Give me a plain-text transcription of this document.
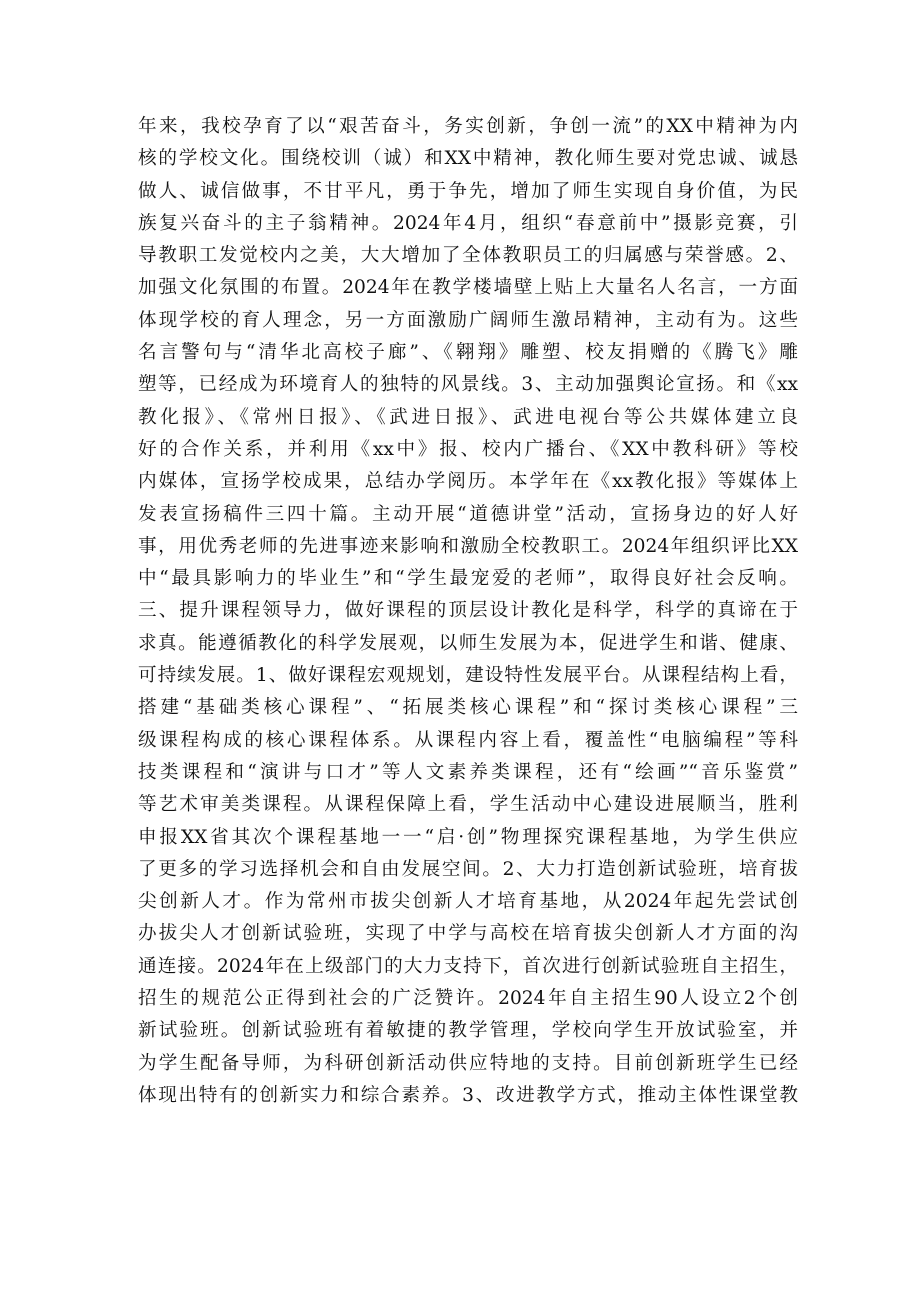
年来，我校孕育了以“艰苦奋斗，务实创新，争创一流”的XX中精神为内
核的学校文化。围绕校训（诚）和XX中精神，教化师生要对党忠诚、诚恳
做人、诚信做事，不甘平凡，勇于争先，增加了师生实现自身价值，为民
族复兴奋斗的主子翁精神。2024年4月，组织“春意前中”摄影竞赛，引
导教职工发觉校内之美，大大增加了全体教职员工的归属感与荣誉感。2、
加强文化氛围的布置。2024年在教学楼墙壁上贴上大量名人名言，一方面
体现学校的育人理念，另一方面激励广阔师生激昂精神，主动有为。这些
名言警句与“清华北高校子廊”、《翱翔》雕塑、校友捐赠的《腾飞》雕
塑等，已经成为环境育人的独特的风景线。3、主动加强舆论宣扬。和《xx
教化报》、《常州日报》、《武进日报》、武进电视台等公共媒体建立良
好的合作关系，并利用《xx中》报、校内广播台、《XX中教科研》等校
内媒体，宣扬学校成果，总结办学阅历。本学年在《xx教化报》等媒体上
发表宣扬稿件三四十篇。主动开展“道德讲堂”活动，宣扬身边的好人好
事，用优秀老师的先进事迹来影响和激励全校教职工。2024年组织评比XX
中“最具影响力的毕业生”和“学生最宠爱的老师”，取得良好社会反响。
三、提升课程领导力，做好课程的顶层设计教化是科学，科学的真谛在于
求真。能遵循教化的科学发展观，以师生发展为本，促进学生和谐、健康、
可持续发展。1、做好课程宏观规划，建设特性发展平台。从课程结构上看，
搭建“基础类核心课程”、“拓展类核心课程”和“探讨类核心课程”三
级课程构成的核心课程体系。从课程内容上看，覆盖性“电脑编程”等科
技类课程和“演讲与口才”等人文素养类课程，还有“绘画”“音乐鉴赏”
等艺术审美类课程。从课程保障上看，学生活动中心建设进展顺当，胜利
申报XX省其次个课程基地一一“启·创”物理探究课程基地，为学生供应
了更多的学习选择机会和自由发展空间。2、大力打造创新试验班，培育拔
尖创新人才。作为常州市拔尖创新人才培育基地，从2024年起先尝试创
办拔尖人才创新试验班，实现了中学与高校在培育拔尖创新人才方面的沟
通连接。2024年在上级部门的大力支持下，首次进行创新试验班自主招生，
招生的规范公正得到社会的广泛赞许。2024年自主招生90人设立2个创
新试验班。创新试验班有着敏捷的教学管理，学校向学生开放试验室，并
为学生配备导师，为科研创新活动供应特地的支持。目前创新班学生已经
体现出特有的创新实力和综合素养。3、改进教学方式，推动主体性课堂教
